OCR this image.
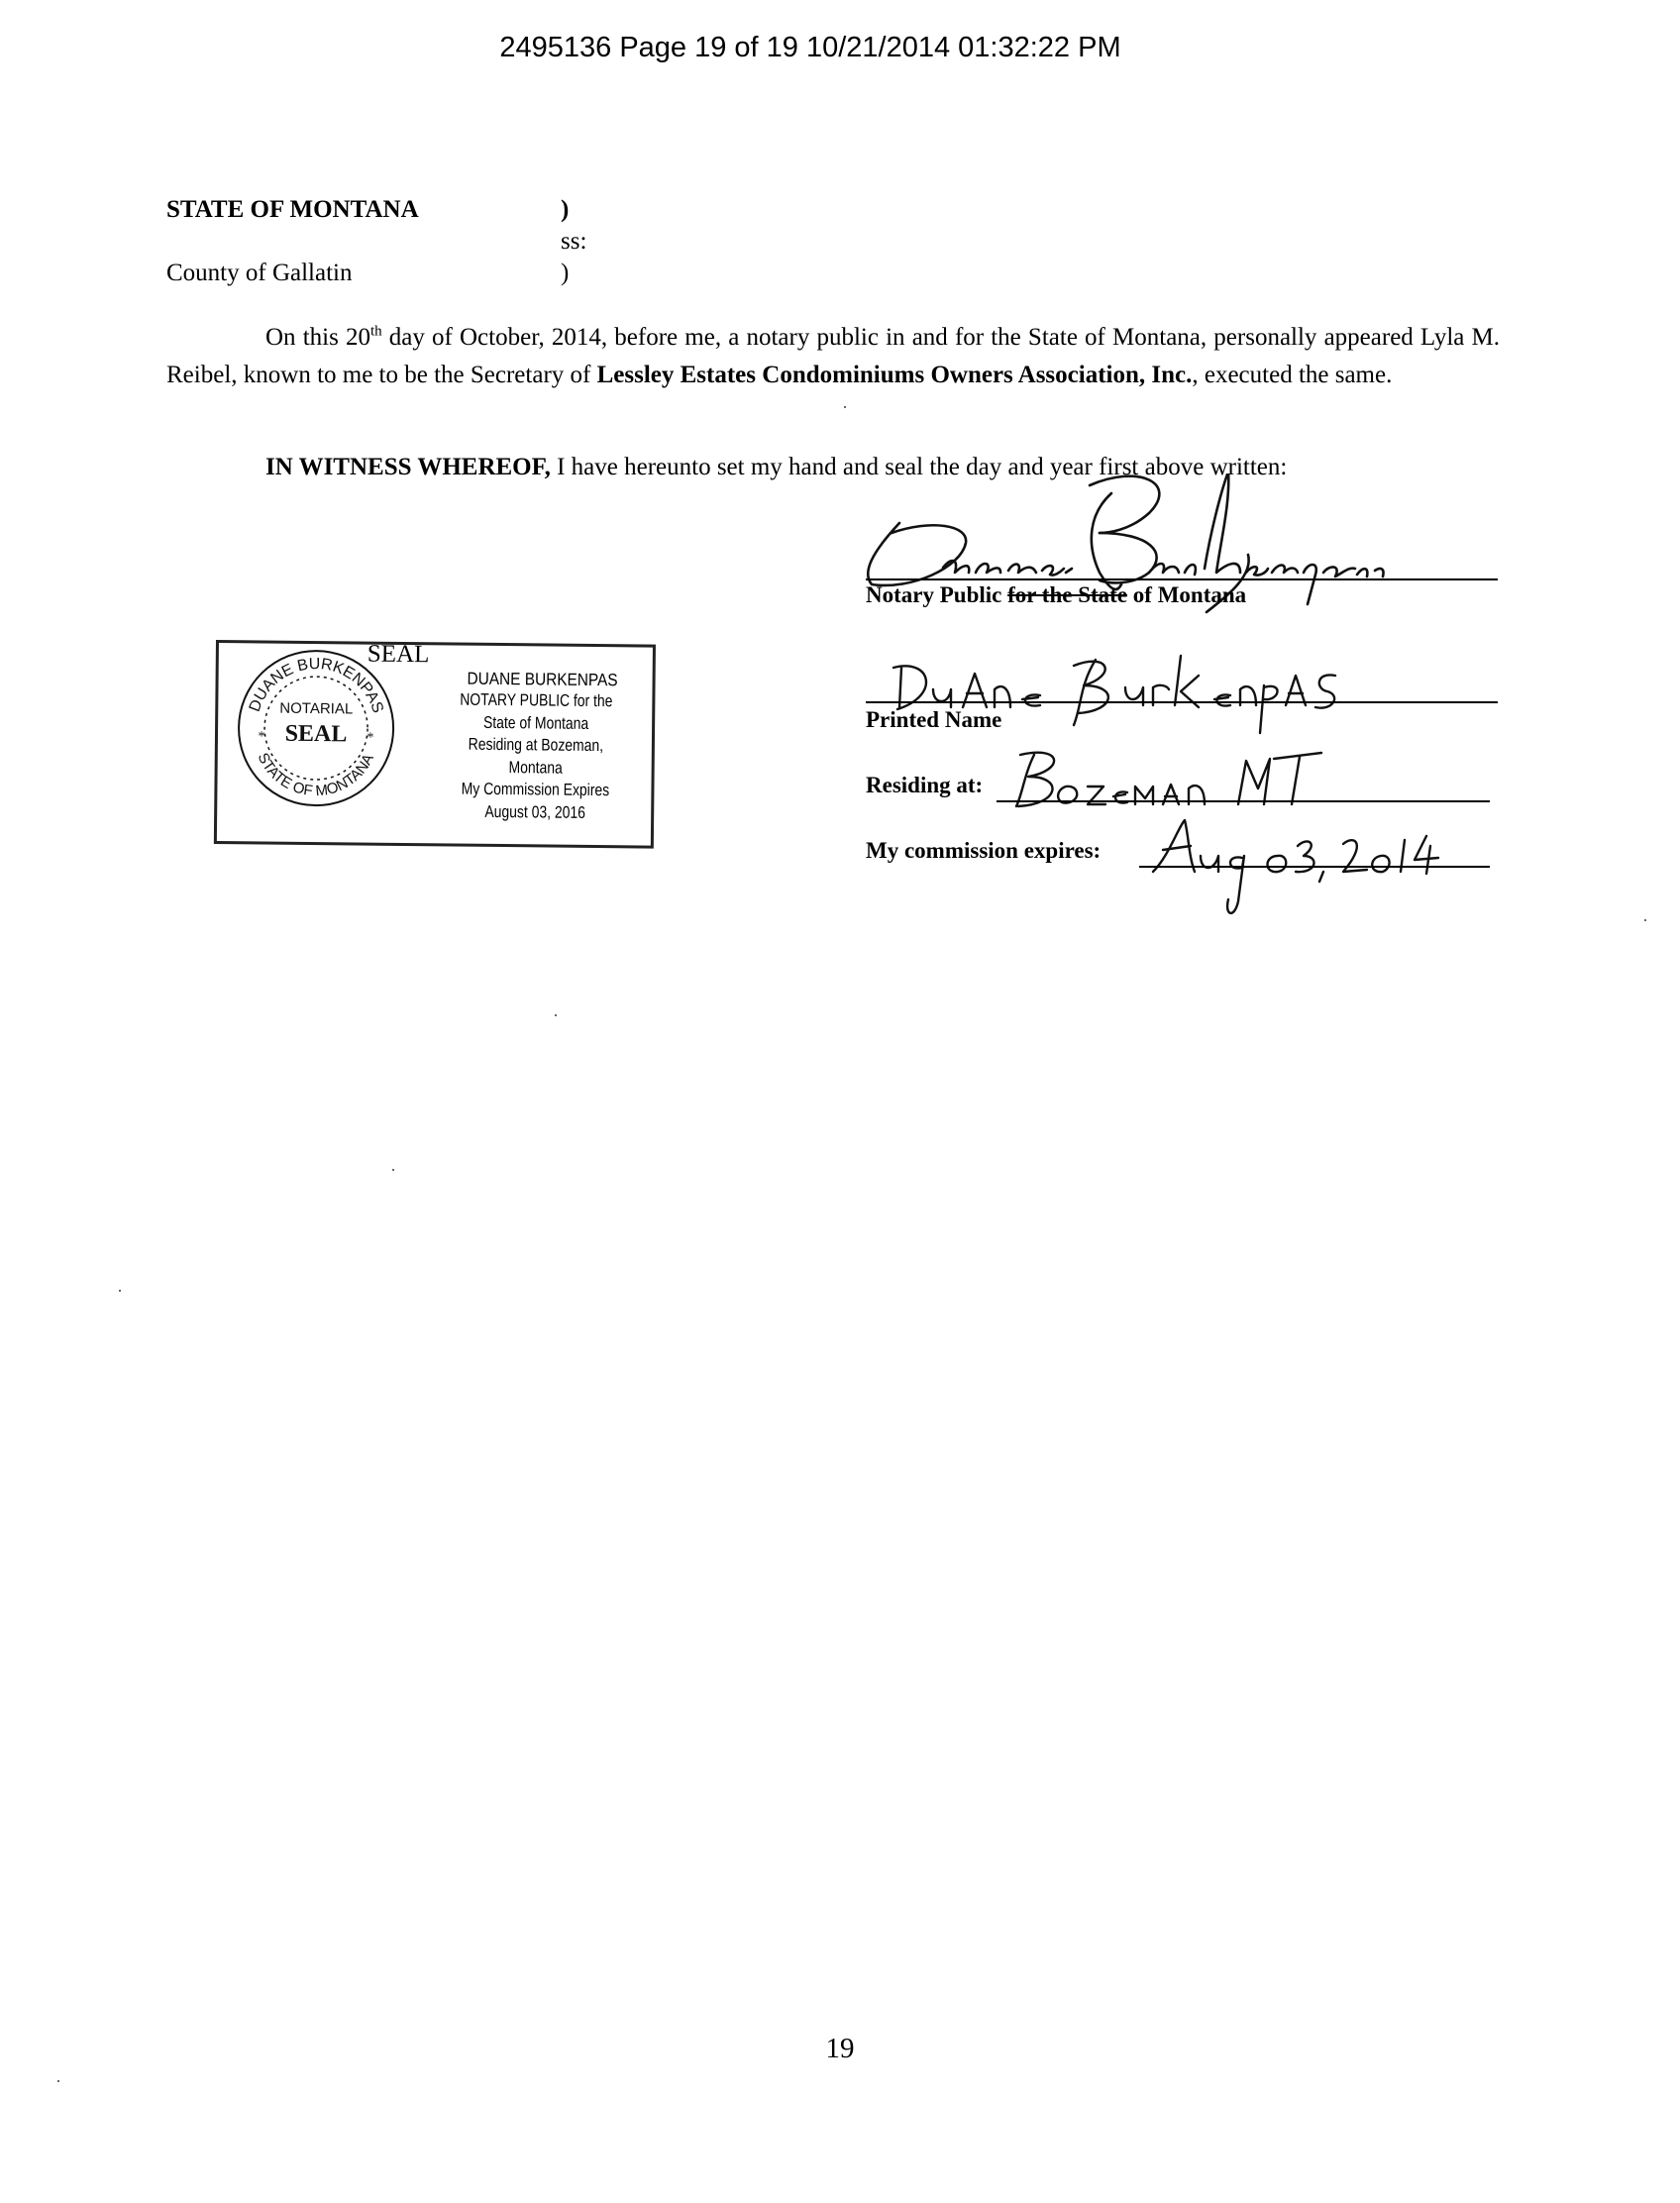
2495136 Page 19 of 19 10/21/2014 01:32:22 PM
STATE OF MONTANA	)
ss:
County of Gallatin	)
On this 20th day of October, 2014, before me, a notary public in and for the State of Montana, personally appeared Lyla M. Reibel, known to me to be the Secretary of Lessley Estates Condominiums Owners Association, Inc., executed the same.
IN WITNESS WHEREOF, I have hereunto set my hand and seal the day and year first above written:
Notary Public for the State of Montana
Printed Name
Residing at:
My commission expires:
DUANE BURKENPAS
STATE OF MONTANA
NOTARIAL
SEAL
*	*
SEAL
DUANE BURKENPAS
NOTARY PUBLIC for the
State of Montana
Residing at Bozeman, Montana
My Commission Expires
August 03, 2016
19
